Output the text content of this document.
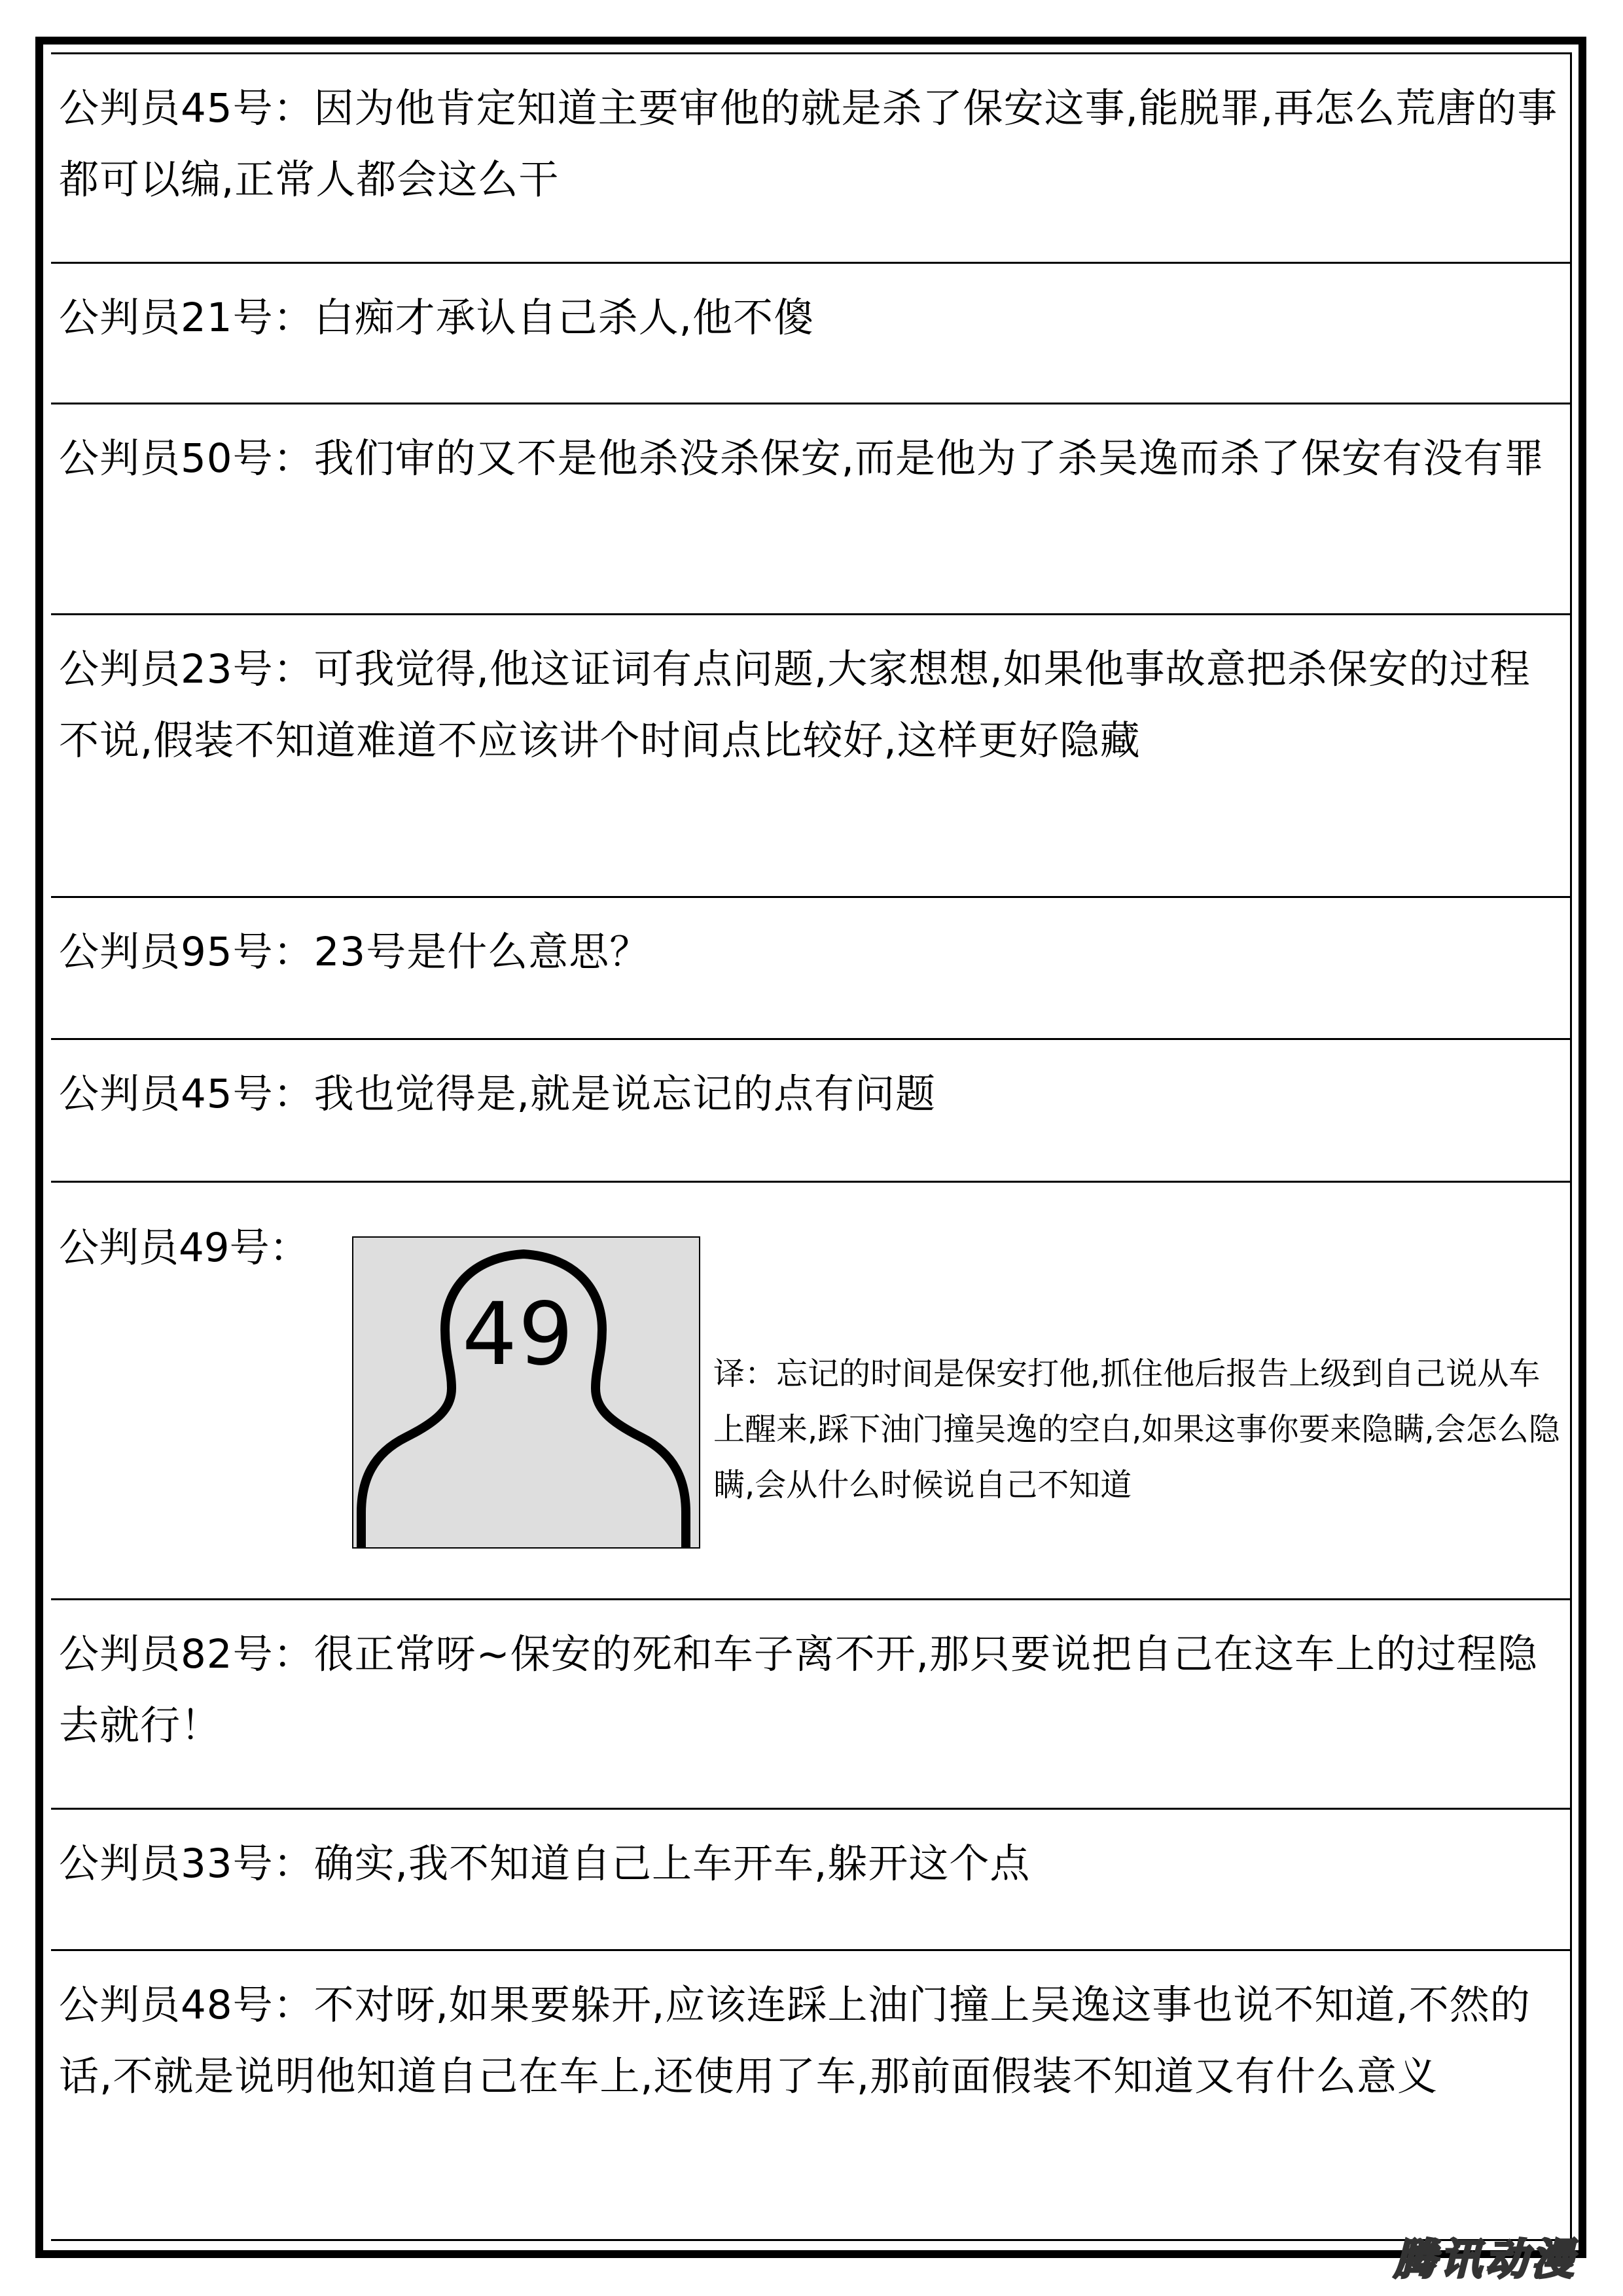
公判员45号：因为他肯定知道主要审他的就是杀了保安这事,能脱罪,再怎么荒唐的事都可以编,正常人都会这么干
公判员21号：白痴才承认自己杀人,他不傻
公判员50号：我们审的又不是他杀没杀保安,而是他为了杀吴逸而杀了保安有没有罪
公判员23号：可我觉得,他这证词有点问题,大家想想,如果他事故意把杀保安的过程不说,假装不知道难道不应该讲个时间点比较好,这样更好隐藏
公判员95号：23号是什么意思？
公判员45号：我也觉得是,就是说忘记的点有问题
公判员49号：
49	译：忘记的时间是保安打他,抓住他后报告上级到自己说从车上醒来,踩下油门撞吴逸的空白,如果这事你要来隐瞒,会怎么隐瞒,会从什么时候说自己不知道
公判员82号：很正常呀~保安的死和车子离不开,那只要说把自己在这车上的过程隐去就行！
公判员33号：确实,我不知道自己上车开车,躲开这个点
公判员48号：不对呀,如果要躲开,应该连踩上油门撞上吴逸这事也说不知道,不然的话,不就是说明他知道自己在车上,还使用了车,那前面假装不知道又有什么意义
腾讯动漫
